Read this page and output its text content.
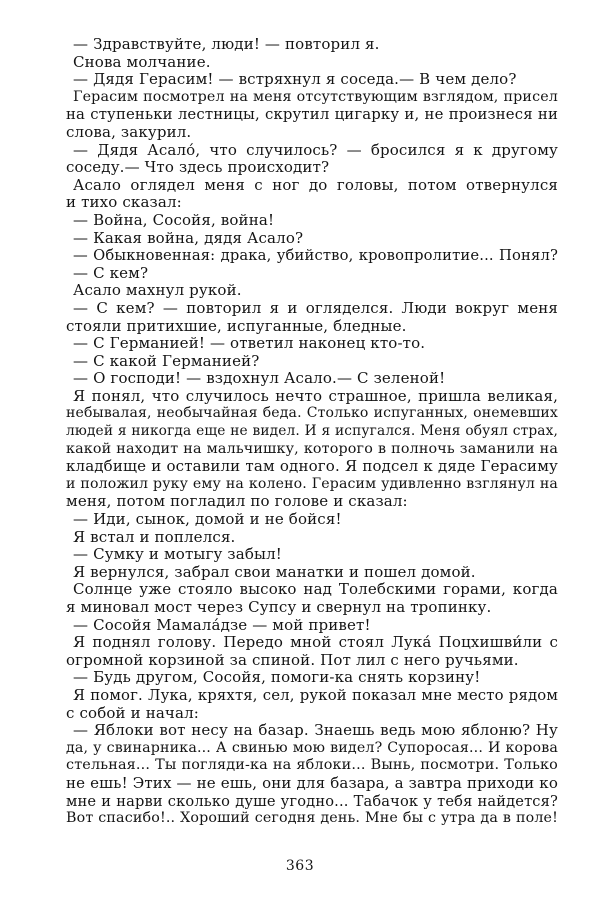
— Здравствуйте, люди! — повторил я.
Снова молчание.
— Дядя Герасим! — встряхнул я соседа.— В чем дело?
Герасим посмотрел на меня отсутствующим взглядом, присел
на ступеньки лестницы, скрутил цигарку и, не произнеся ни
слова, закурил.
— Дядя Асало́, что случилось? — бросился я к другому
соседу.— Что здесь происходит?
Асало оглядел меня с ног до головы, потом отвернулся
и тихо сказал:
— Война, Сосойя, война!
— Какая война, дядя Асало?
— Обыкновенная: драка, убийство, кровопролитие... Понял?
— С кем?
Асало махнул рукой.
— С кем? — повторил я и огляделся. Люди вокруг меня
стояли притихшие, испуганные, бледные.
— С Германией! — ответил наконец кто-то.
— С какой Германией?
— О господи! — вздохнул Асало.— С зеленой!
Я понял, что случилось нечто страшное, пришла великая,
небывалая, необычайная беда. Столько испуганных, онемевших
людей я никогда еще не видел. И я испугался. Меня обуял страх,
какой находит на мальчишку, которого в полночь заманили на
кладбище и оставили там одного. Я подсел к дяде Герасиму
и положил руку ему на колено. Герасим удивленно взглянул на
меня, потом погладил по голове и сказал:
— Иди, сынок, домой и не бойся!
Я встал и поплелся.
— Сумку и мотыгу забыл!
Я вернулся, забрал свои манатки и пошел домой.
Солнце уже стояло высоко над Толебскими горами, когда
я миновал мост через Супсу и свернул на тропинку.
— Сосойя Мамала́дзе — мой привет!
Я поднял голову. Передо мной стоял Лука́ Поцхишви́ли с
огромной корзиной за спиной. Пот лил с него ручьями.
— Будь другом, Сосойя, помоги-ка снять корзину!
Я помог. Лука, кряхтя, сел, рукой показал мне место рядом
с собой и начал:
— Яблоки вот несу на базар. Знаешь ведь мою яблоню? Ну
да, у свинарника... А свинью мою видел? Супоросая... И корова
стельная... Ты погляди-ка на яблоки... Вынь, посмотри. Только
не ешь! Этих — не ешь, они для базара, а завтра приходи ко
мне и нарви сколько душе угодно... Табачок у тебя найдется?
Вот спасибо!.. Хороший сегодня день. Мне бы с утра да в поле!
363
